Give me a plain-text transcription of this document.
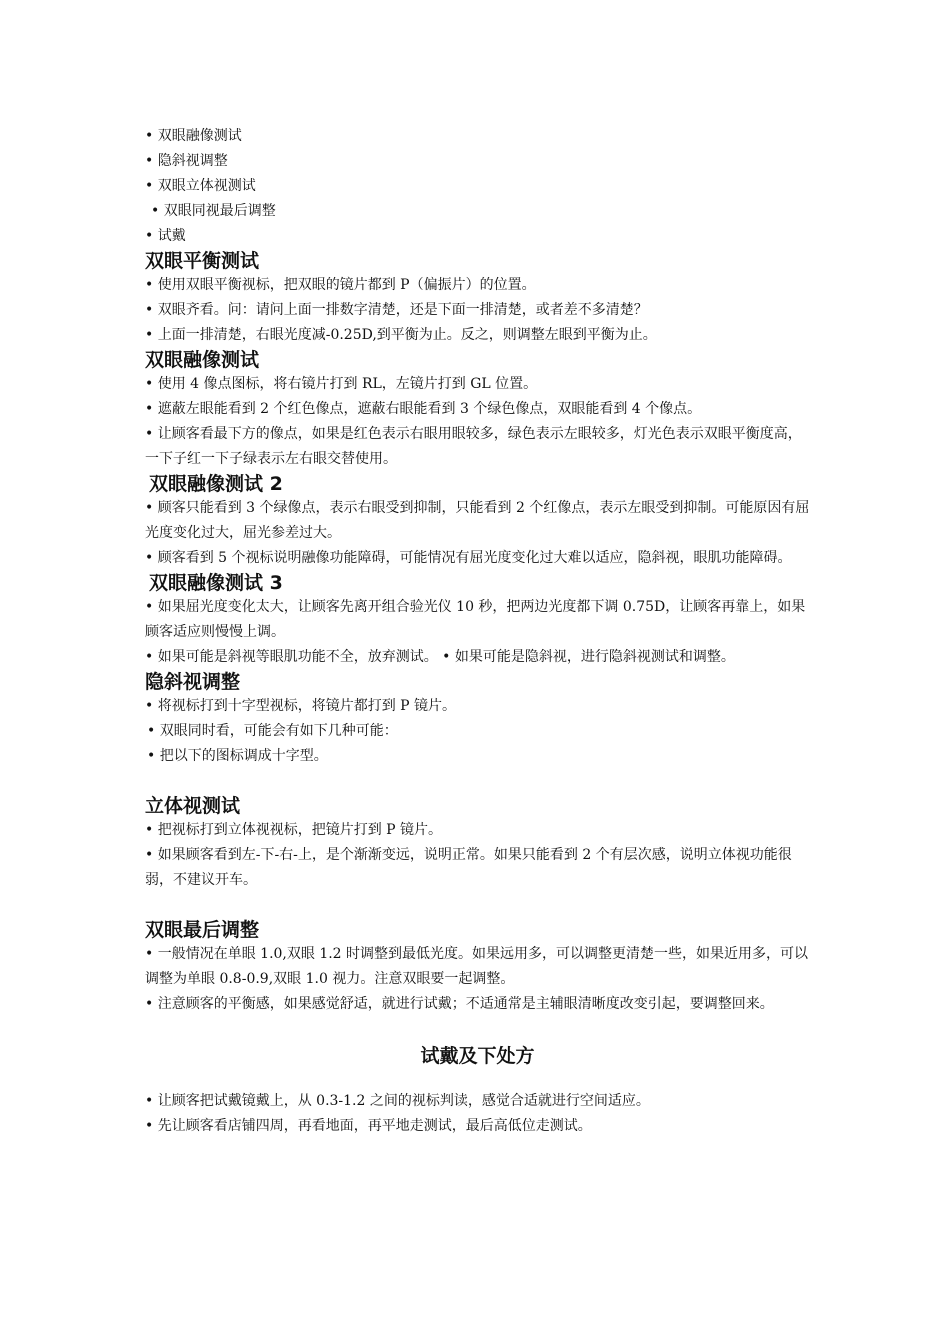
• 双眼融像测试

• 隐斜视调整

• 双眼立体视测试

• 双眼同视最后调整

• 试戴

双眼平衡测试

• 使用双眼平衡视标，把双眼的镜片都到 P（偏振片）的位置。

• 双眼齐看。问：请问上面一排数字清楚，还是下面一排清楚，或者差不多清楚？

• 上面一排清楚，右眼光度减-0.25D,到平衡为止。反之，则调整左眼到平衡为止。

双眼融像测试

• 使用 4 像点图标，将右镜片打到 RL，左镜片打到 GL 位置。

• 遮蔽左眼能看到 2 个红色像点，遮蔽右眼能看到 3 个绿色像点，双眼能看到 4 个像点。

• 让顾客看最下方的像点，如果是红色表示右眼用眼较多，绿色表示左眼较多，灯光色表示双眼平衡度高，一下子红一下子绿表示左右眼交替使用。

双眼融像测试 2

• 顾客只能看到 3 个绿像点，表示右眼受到抑制，只能看到 2 个红像点，表示左眼受到抑制。可能原因有屈光度变化过大，屈光参差过大。

• 顾客看到 5 个视标说明融像功能障碍，可能情况有屈光度变化过大难以适应，隐斜视，眼肌功能障碍。

双眼融像测试 3

• 如果屈光度变化太大，让顾客先离开组合验光仪 10 秒，把两边光度都下调 0.75D，让顾客再靠上，如果顾客适应则慢慢上调。

• 如果可能是斜视等眼肌功能不全，放弃测试。 • 如果可能是隐斜视，进行隐斜视测试和调整。

隐斜视调整

• 将视标打到十字型视标，将镜片都打到 P 镜片。

• 双眼同时看，可能会有如下几种可能：

• 把以下的图标调成十字型。

立体视测试

• 把视标打到立体视视标，把镜片打到 P 镜片。

• 如果顾客看到左-下-右-上，是个渐渐变远，说明正常。如果只能看到 2 个有层次感，说明立体视功能很弱，不建议开车。

双眼最后调整

• 一般情况在单眼 1.0,双眼 1.2 时调整到最低光度。如果远用多，可以调整更清楚一些，如果近用多，可以调整为单眼 0.8-0.9,双眼 1.0 视力。注意双眼要一起调整。

• 注意顾客的平衡感，如果感觉舒适，就进行试戴；不适通常是主辅眼清晰度改变引起，要调整回来。

试戴及下处方

• 让顾客把试戴镜戴上，从 0.3-1.2 之间的视标判读，感觉合适就进行空间适应。

• 先让顾客看店铺四周，再看地面，再平地走测试，最后高低位走测试。
